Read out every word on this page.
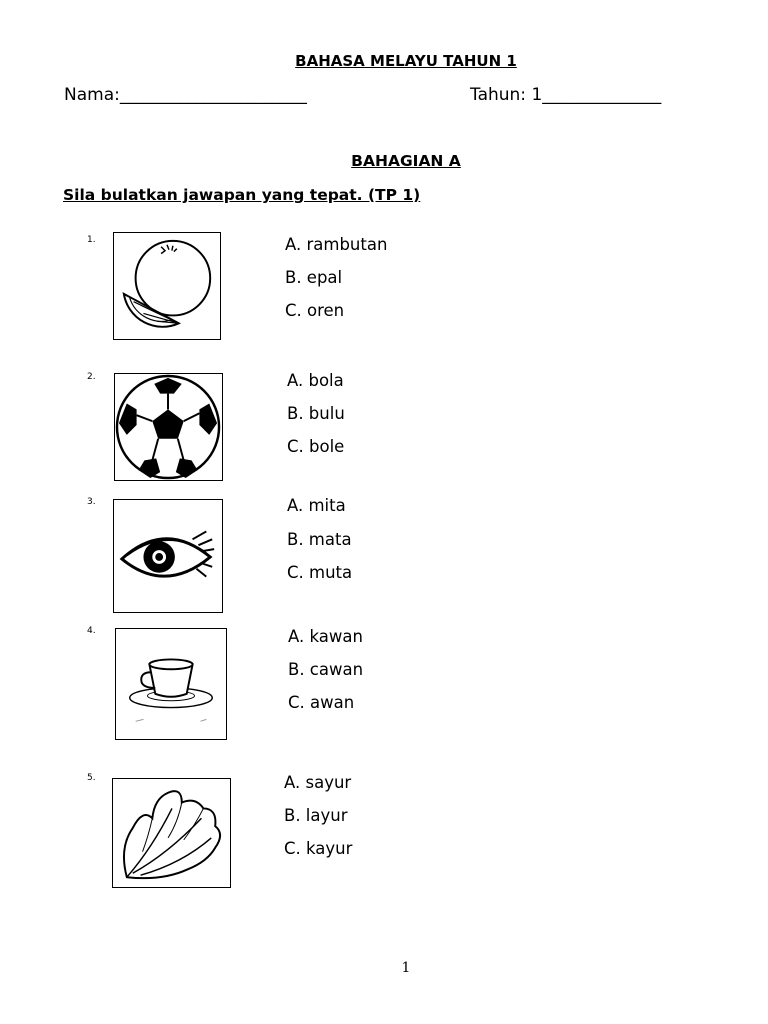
BAHASA MELAYU TAHUN 1
Nama:______________________	Tahun: 1______________
BAHAGIAN A
Sila bulatkan jawapan yang tepat. (TP 1)
1.	A. rambutan
B. epal
C. oren
2.	A. bola
B. bulu
C. bole
3.	A. mita
B. mata
C. muta
4.	A. kawan
B. cawan
C. awan
5.	A. sayur
B. layur
C. kayur
1
